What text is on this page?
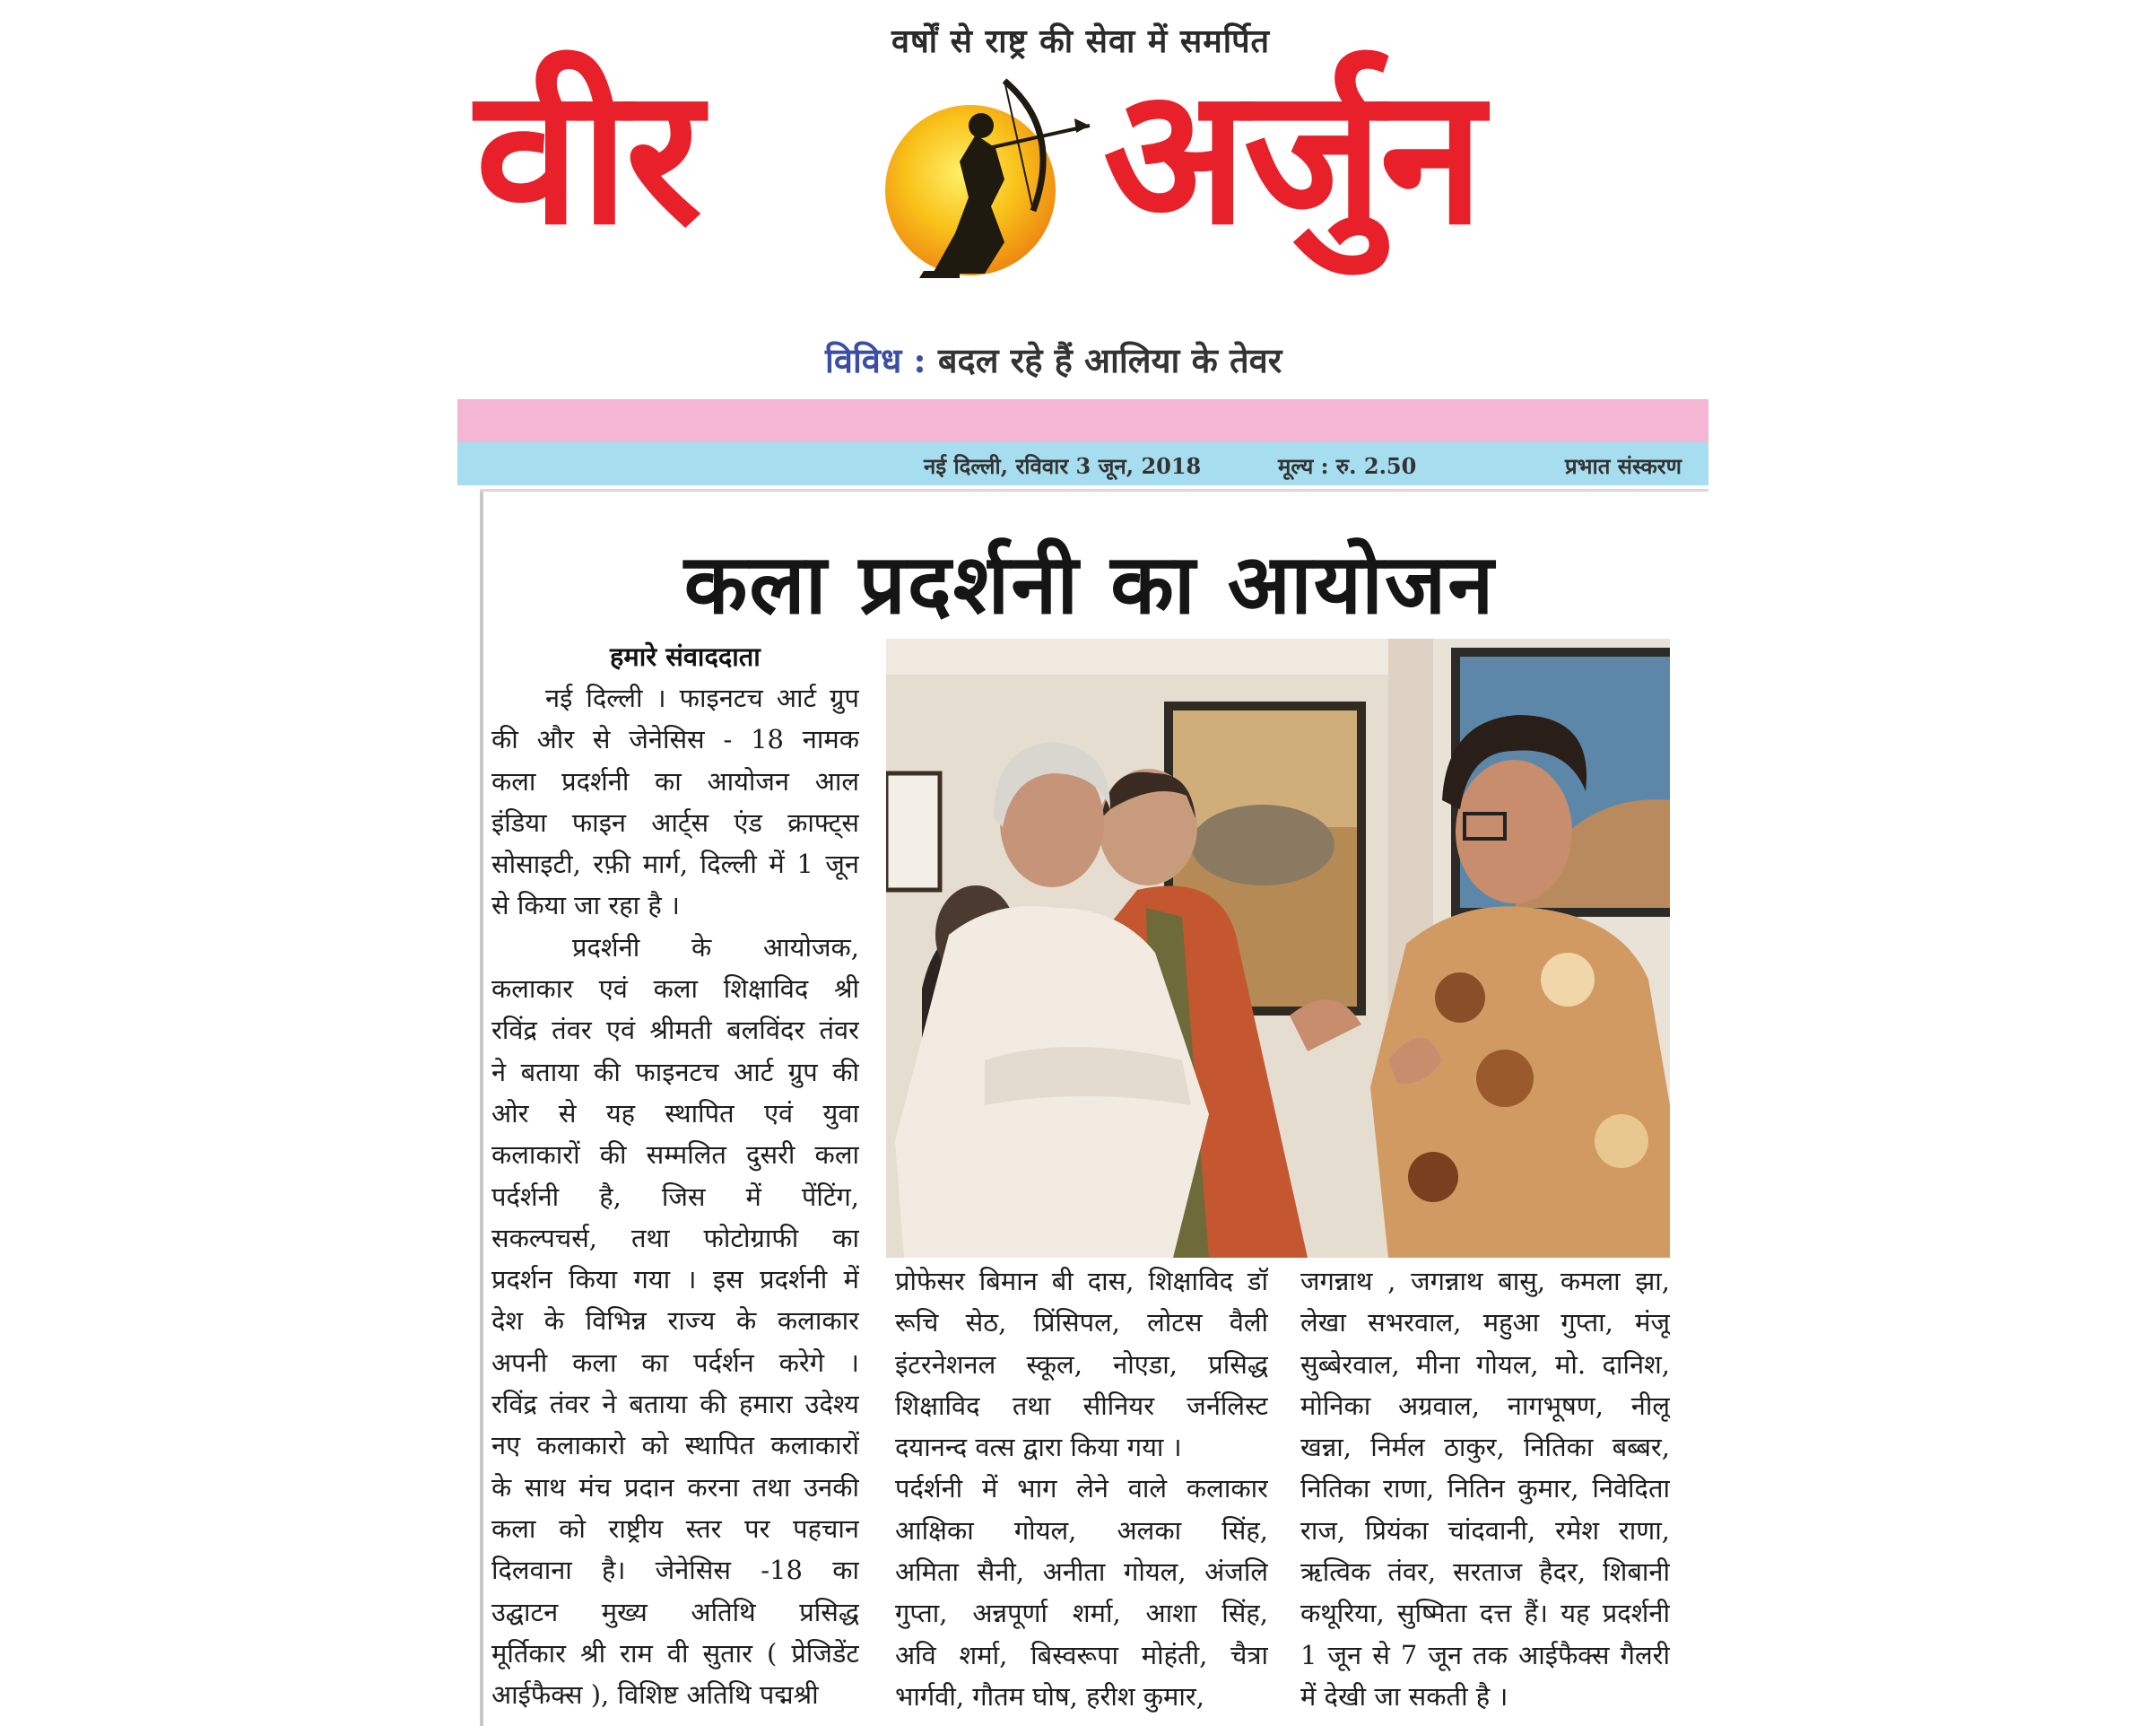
वर्षों से राष्ट्र की सेवा में समर्पित
वीर अर्जुन
विविध : बदल रहे हैं आलिया के तेवर
नई दिल्ली, रविवार 3 जून, 2018	मूल्य : रु. 2.50	प्रभात संस्करण
कला प्रदर्शनी का आयोजन
हमारे संवाददाता
नई दिल्ली । फाइनटच आर्ट ग्रुप
की और से जेनेसिस - 18 नामक
कला प्रदर्शनी का आयोजन आल
इंडिया फाइन आर्ट्स एंड क्राफ्ट्स
सोसाइटी, रफ़ी मार्ग, दिल्ली में 1 जून
से किया जा रहा है ।
प्रदर्शनी के आयोजक,
कलाकार एवं कला शिक्षाविद श्री
रविंद्र तंवर एवं श्रीमती बलविंदर तंवर
ने बताया की फाइनटच आर्ट ग्रुप की
ओर से यह स्थापित एवं युवा
कलाकारों की सम्मलित दुसरी कला
पर्दर्शनी है, जिस में पेंटिंग,
सकल्पचर्स, तथा फोटोग्राफी का
प्रदर्शन किया गया । इस प्रदर्शनी में
देश के विभिन्न राज्य के कलाकार
अपनी कला का पर्दर्शन करेगे ।
रविंद्र तंवर ने बताया की हमारा उदेश्य
नए कलाकारो को स्थापित कलाकारों
के साथ मंच प्रदान करना तथा उनकी
कला को राष्ट्रीय स्तर पर पहचान
दिलवाना है। जेनेसिस -18 का
उद्घाटन मुख्य अतिथि प्रसिद्ध
मूर्तिकार श्री राम वी सुतार ( प्रेजिडेंट
आईफैक्स ), विशिष्ट अतिथि पद्मश्री
प्रोफेसर बिमान बी दास, शिक्षाविद डॉ
रूचि सेठ, प्रिंसिपल, लोटस वैली
इंटरनेशनल स्कूल, नोएडा, प्रसिद्ध
शिक्षाविद तथा सीनियर जर्नलिस्ट
दयानन्द वत्स द्वारा किया गया ।
पर्दर्शनी में भाग लेने वाले कलाकार
आक्षिका गोयल, अलका सिंह,
अमिता सैनी, अनीता गोयल, अंजलि
गुप्ता, अन्नपूर्णा शर्मा, आशा सिंह,
अवि शर्मा, बिस्वरूपा मोहंती, चैत्रा
भार्गवी, गौतम घोष, हरीश कुमार,
जगन्नाथ , जगन्नाथ बासु, कमला झा,
लेखा सभरवाल, महुआ गुप्ता, मंजू
सुब्बेरवाल, मीना गोयल, मो. दानिश,
मोनिका अग्रवाल, नागभूषण, नीलू
खन्ना, निर्मल ठाकुर, नितिका बब्बर,
नितिका राणा, नितिन कुमार, निवेदिता
राज, प्रियंका चांदवानी, रमेश राणा,
ऋत्विक तंवर, सरताज हैदर, शिबानी
कथूरिया, सुष्मिता दत्त हैं। यह प्रदर्शनी
1 जून से 7 जून तक आईफैक्स गैलरी
में देखी जा सकती है ।
